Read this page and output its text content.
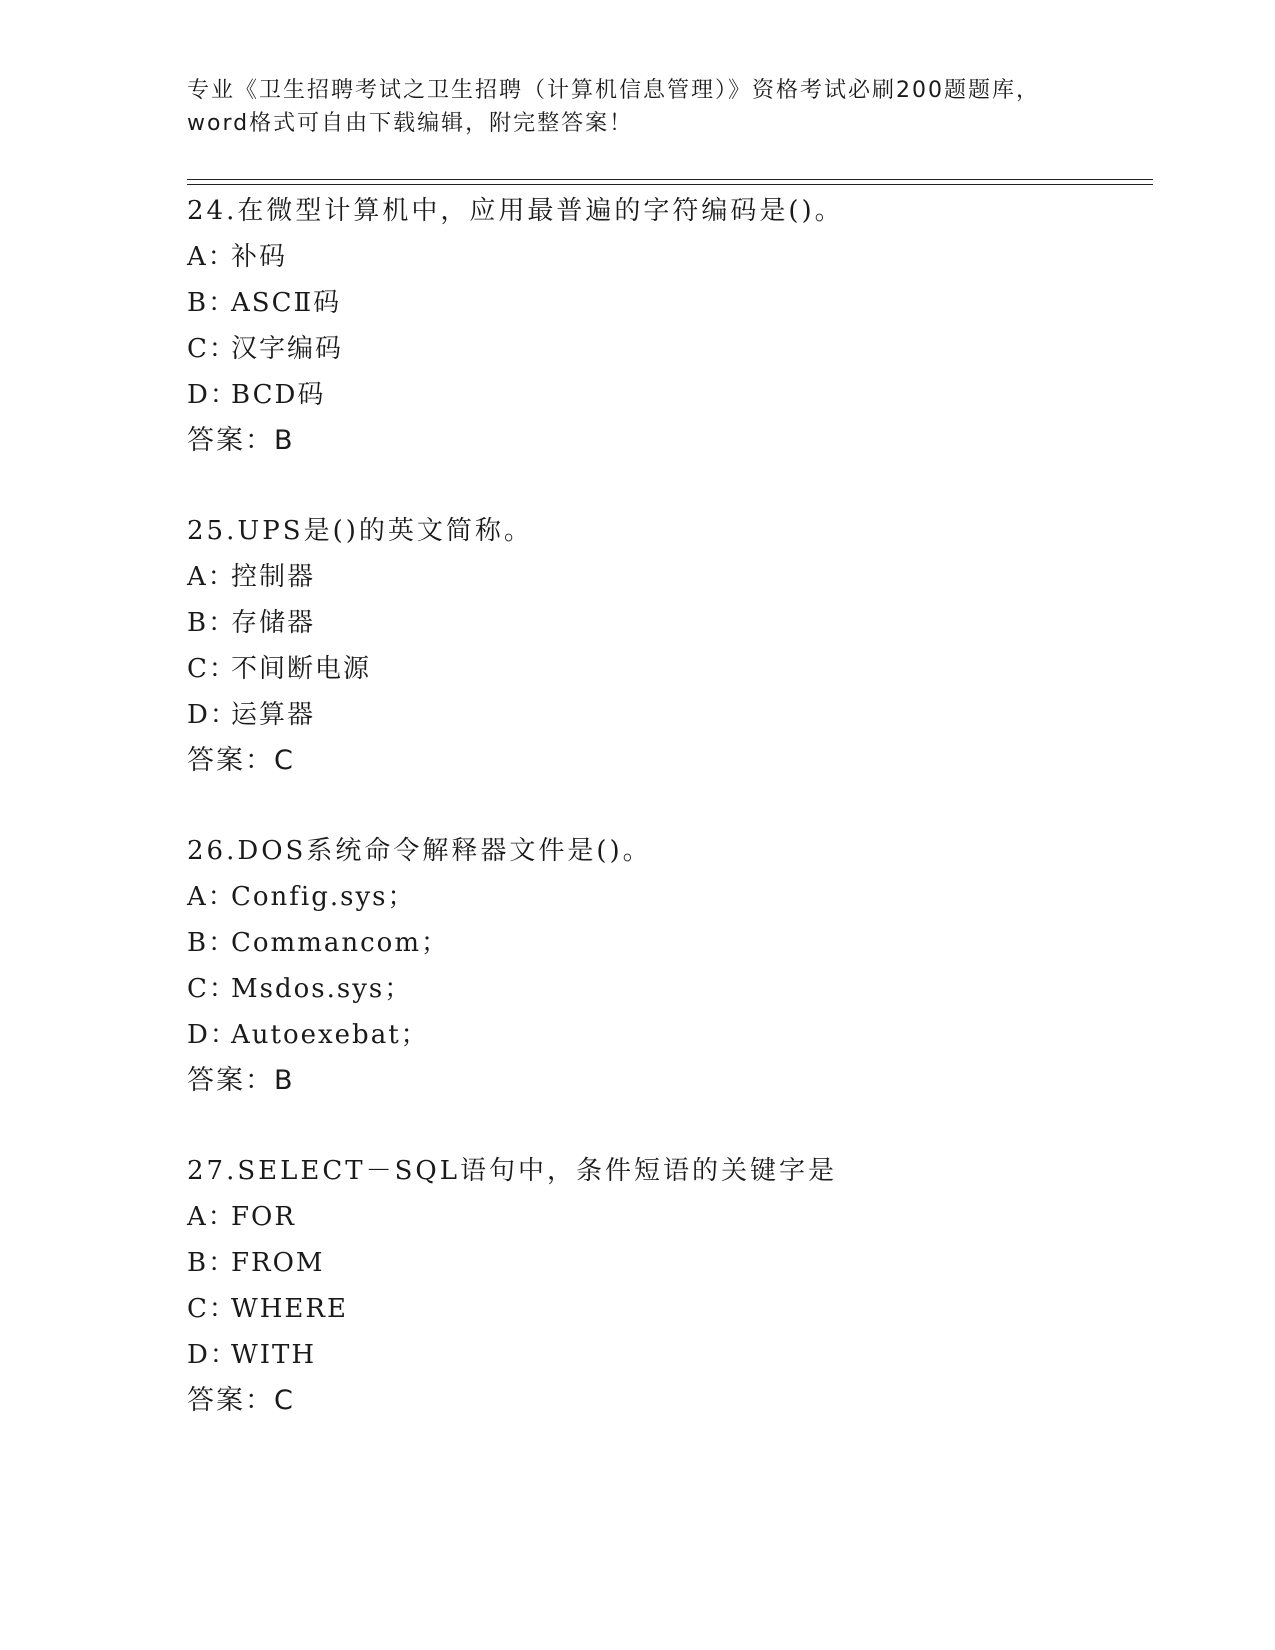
专业《卫生招聘考试之卫生招聘（计算机信息管理）》资格考试必刷200题题库，
word格式可自由下载编辑，附完整答案！
24.在微型计算机中，应用最普遍的字符编码是()。
A：补码
B：ASCⅡ码
C：汉字编码
D：BCD码
答案：B
25.UPS是()的英文简称。
A：控制器
B：存储器
C：不间断电源
D：运算器
答案：C
26.DOS系统命令解释器文件是()。
A：Config.sys；
B：Commancom；
C：Msdos.sys；
D：Autoexebat；
答案：B
27.SELECT－SQL语句中，条件短语的关键字是
A：FOR
B：FROM
C：WHERE
D：WITH
答案：C
